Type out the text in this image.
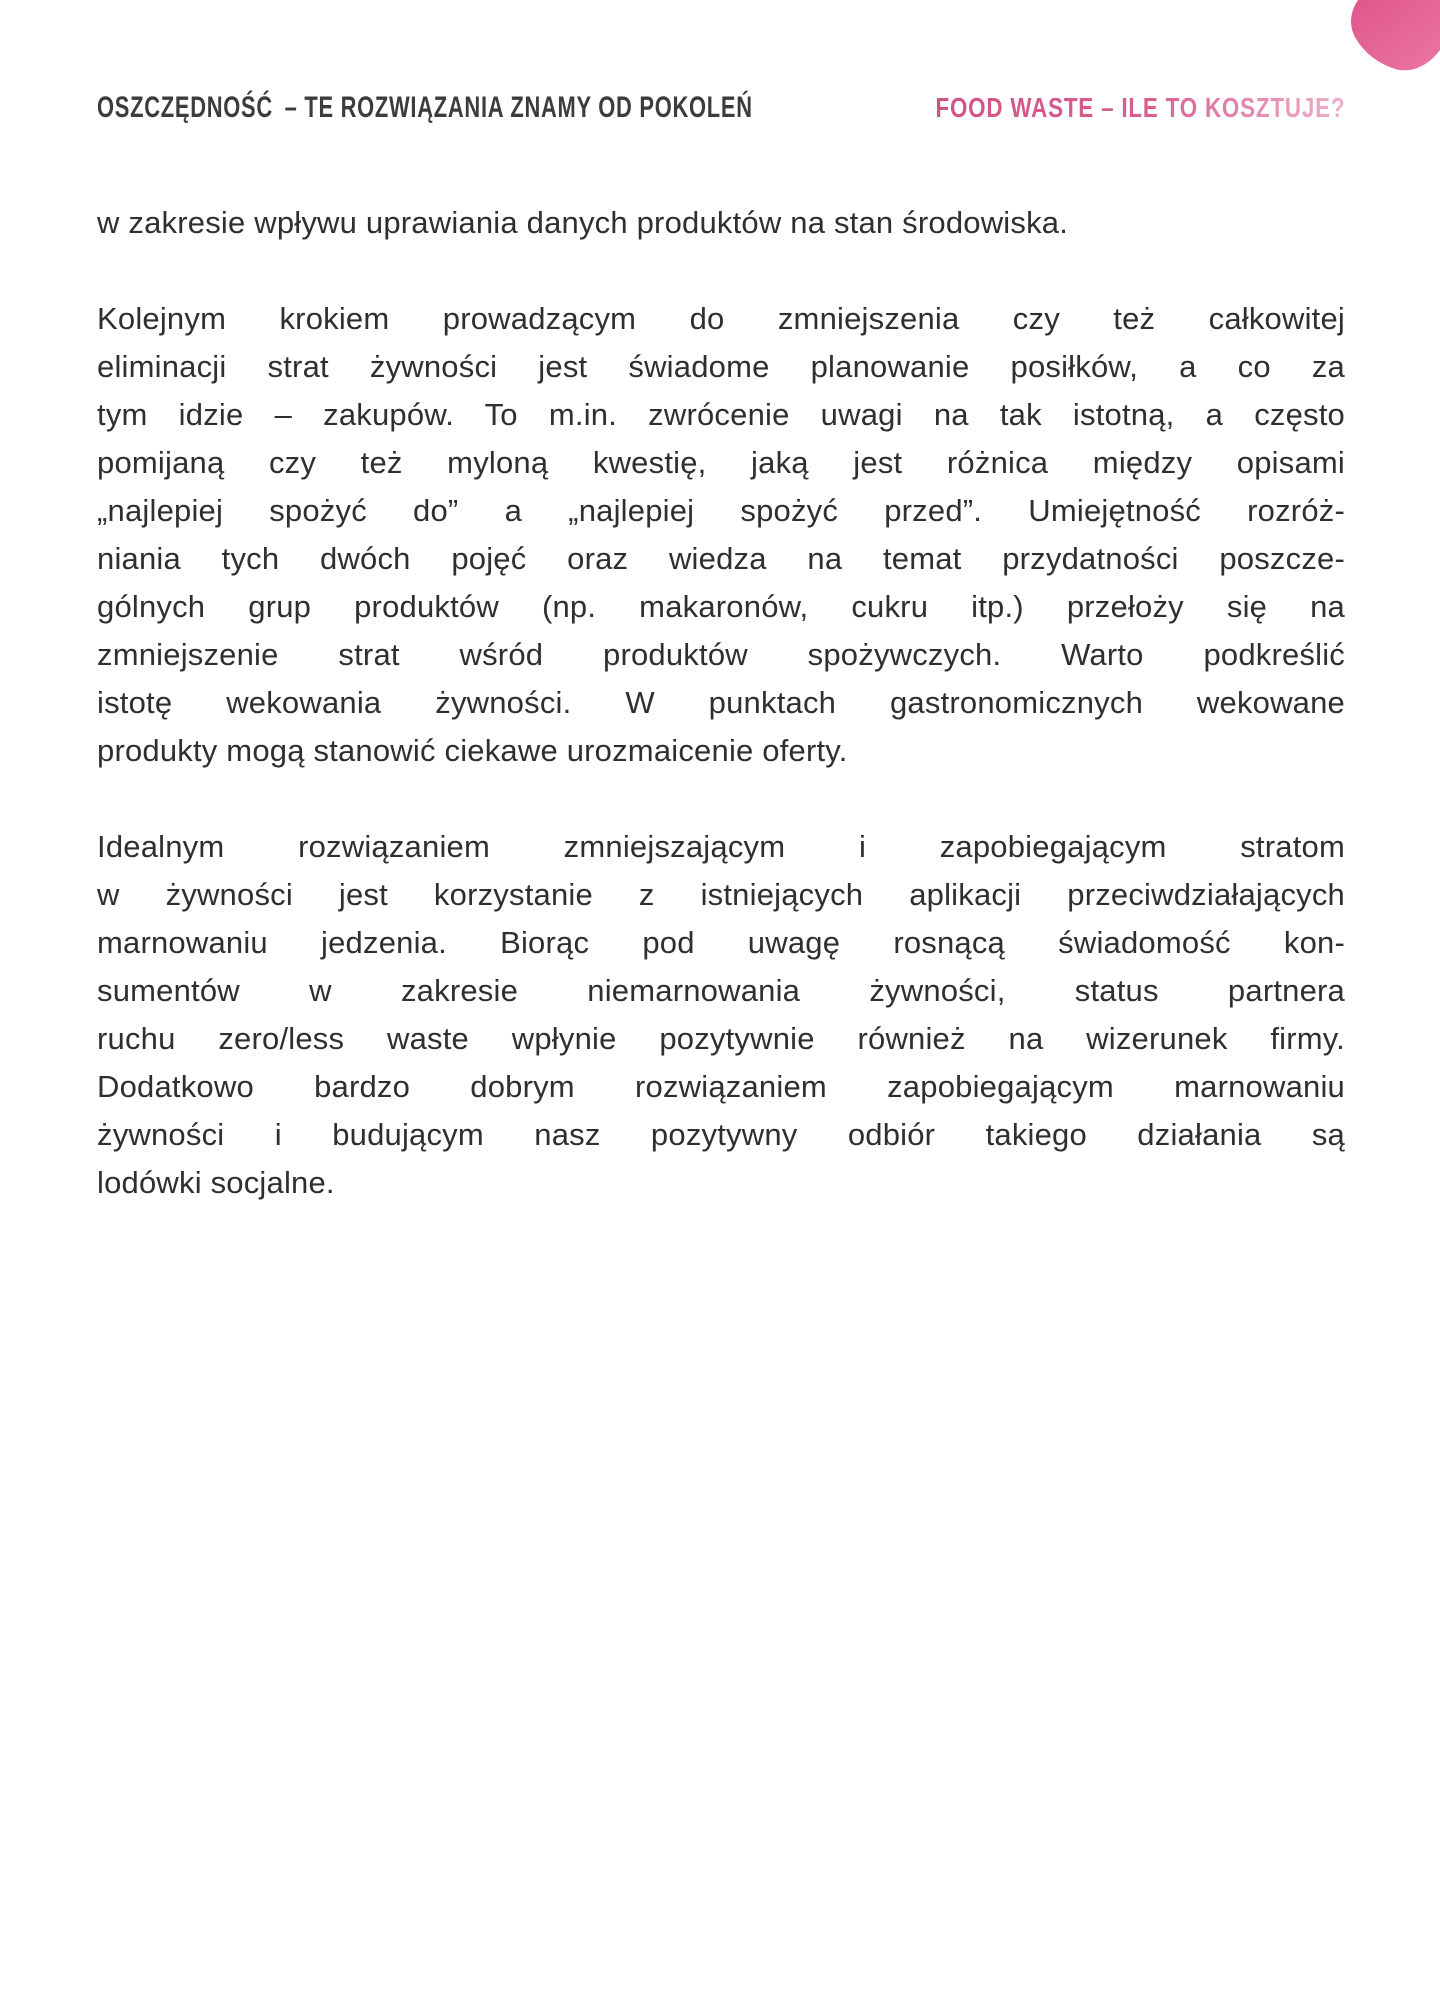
OSZCZĘDNOŚĆ – TE ROZWIĄZANIA ZNAMY OD POKOLEŃ	FOOD WASTE – ILE TO KOSZTUJE?
w zakresie wpływu uprawiania danych produktów na stan środowiska.
Kolejnym krokiem prowadzącym do zmniejszenia czy też całkowitej
eliminacji strat żywności jest świadome planowanie posiłków, a co za
tym idzie – zakupów. To m.in. zwrócenie uwagi na tak istotną, a często
pomijaną czy też myloną kwestię, jaką jest różnica między opisami
„najlepiej spożyć do” a „najlepiej spożyć przed”. Umiejętność rozróż-
niania tych dwóch pojęć oraz wiedza na temat przydatności poszcze-
gólnych grup produktów (np. makaronów, cukru itp.) przełoży się na
zmniejszenie strat wśród produktów spożywczych. Warto podkreślić
istotę wekowania żywności. W punktach gastronomicznych wekowane
produkty mogą stanowić ciekawe urozmaicenie oferty.
Idealnym rozwiązaniem zmniejszającym i zapobiegającym stratom
w żywności jest korzystanie z istniejących aplikacji przeciwdziałających
marnowaniu jedzenia. Biorąc pod uwagę rosnącą świadomość kon-
sumentów w zakresie niemarnowania żywności, status partnera
ruchu zero/less waste wpłynie pozytywnie również na wizerunek firmy.
Dodatkowo bardzo dobrym rozwiązaniem zapobiegającym marnowaniu
żywności i budującym nasz pozytywny odbiór takiego działania są
lodówki socjalne.
